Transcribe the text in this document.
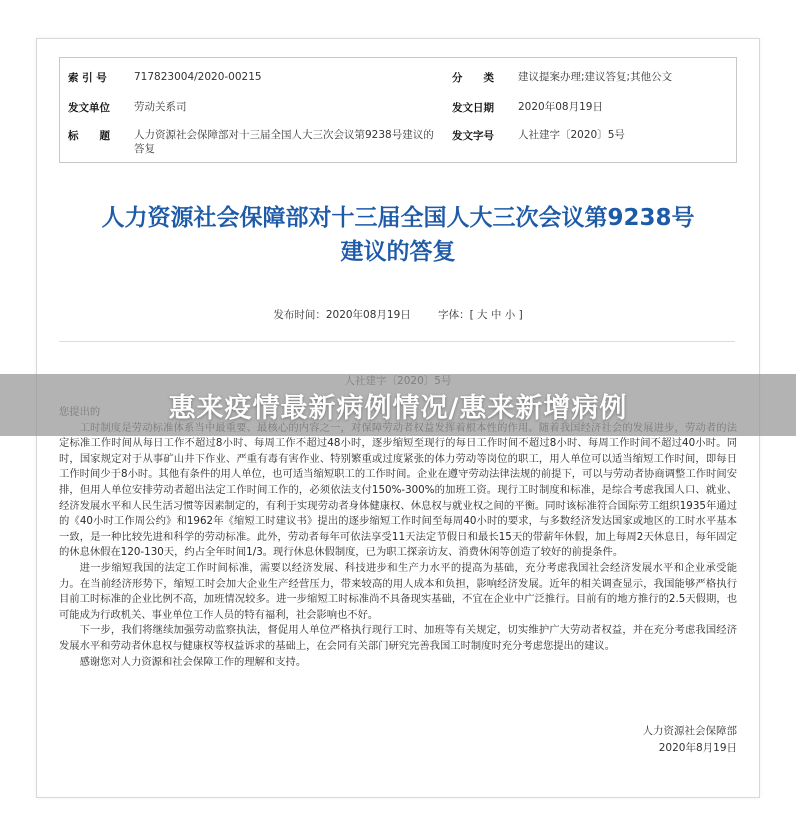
索 引 号	717823004/2020-00215	分　　类 建议提案办理;建议答复;其他公文
发文单位 劳动关系司	发文日期 2020年08月19日
标　　题 人力资源社会保障部对十三届全国人大三次会议第9238号建议的答复
发文字号 人社建字〔2020〕5号
人力资源社会保障部对十三届全国人大三次会议第9238号
建议的答复
发布时间：2020年08月19日	字体：[ 大 中 小 ]

定标准工作时间从每日工作不超过8小时、每周工作不超过48小时，逐步缩短至现行的每日工作时间不超过8小时、每周工作时间不超过40小时。同时，国家规定对于从事矿山井下作业、严重有毒有害作业、特别繁重或过度紧张的体力劳动等岗位的职工，用人单位可以适当缩短工作时间，即每日工作时间少于8小时。其他有条件的用人单位，也可适当缩短职工的工作时间。企业在遵守劳动法律法规的前提下，可以与劳动者协商调整工作时间安排，但用人单位安排劳动者超出法定工作时间工作的，必须依法支付150%-300%的加班工资。现行工时制度和标准，是综合考虑我国人口、就业、经济发展水平和人民生活习惯等因素制定的，有利于实现劳动者身体健康权、休息权与就业权之间的平衡。同时该标准符合国际劳工组织1935年通过的《40小时工作周公约》和1962年《缩短工时建议书》提出的逐步缩短工作时间至每周40小时的要求，与多数经济发达国家或地区的工时水平基本一致，是一种比较先进和科学的劳动标准。此外，劳动者每年可依法享受11天法定节假日和最长15天的带薪年休假，加上每周2天休息日，每年固定的休息休假在120-130天，约占全年时间1/3。现行休息休假制度，已为职工探亲访友、消费休闲等创造了较好的前提条件。

进一步缩短我国的法定工作时间标准，需要以经济发展、科技进步和生产力水平的提高为基础，充分考虑我国社会经济发展水平和企业承受能力。在当前经济形势下，缩短工时会加大企业生产经营压力，带来较高的用人成本和负担，影响经济发展。近年的相关调查显示，我国能够严格执行目前工时标准的企业比例不高，加班情况较多。进一步缩短工时标准尚不具备现实基础，不宜在企业中广泛推行。目前有的地方推行的2.5天假期，也可能成为行政机关、事业单位工作人员的特有福利，社会影响也不好。

下一步，我们将继续加强劳动监察执法，督促用人单位严格执行现行工时、加班等有关规定，切实维护广大劳动者权益，并在充分考虑我国经济发展水平和劳动者休息权与健康权等权益诉求的基础上，在会同有关部门研究完善我国工时制度时充分考虑您提出的建议。

感谢您对人力资源和社会保障工作的理解和支持。

人力资源社会保障部
2020年8月19日
惠来疫情最新病例情况/惠来新增病例
